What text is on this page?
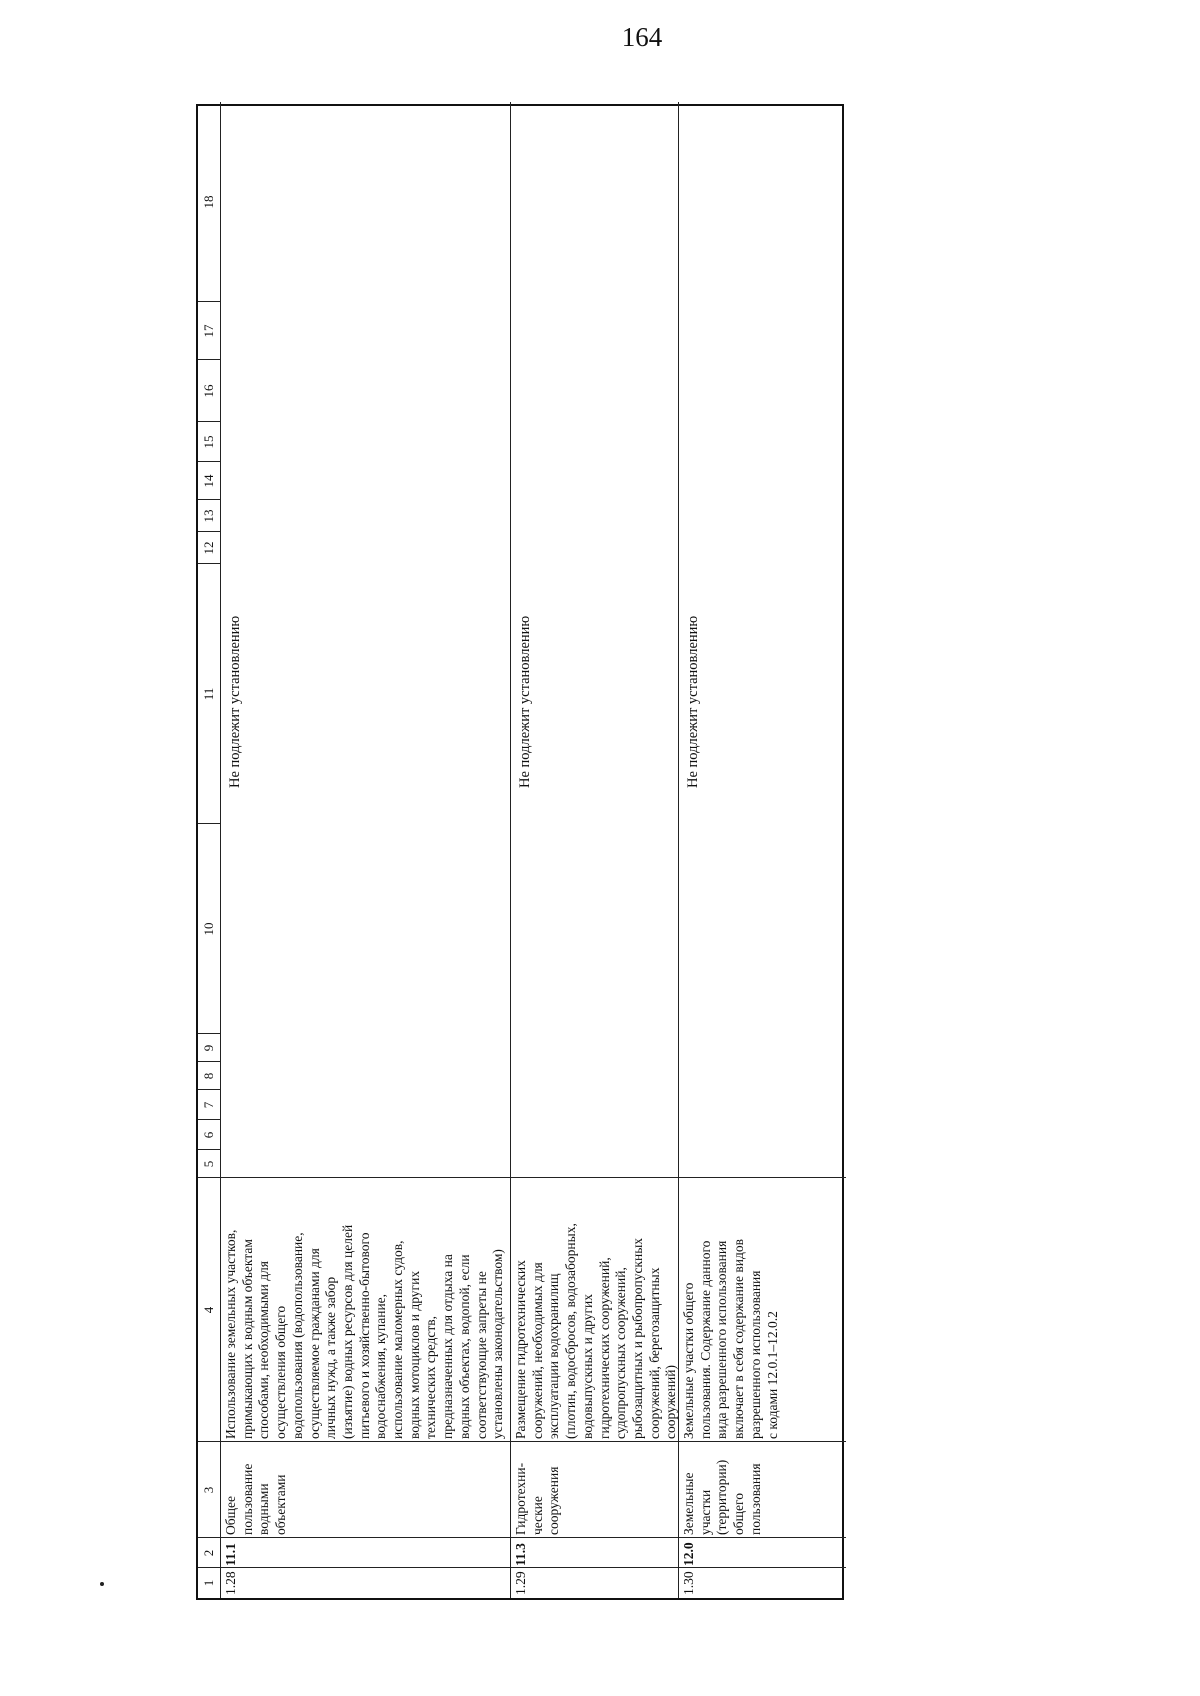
164
1
2
3
4
5
6
7
8
9
10
11
12
13
14
15
16
17
18
1.28
11.1
Общее
пользование
водными
объектами
Использование земельных участков,
примыкающих к водным объектам
способами, необходимыми для
осуществления общего
водопользования (водопользование,
осуществляемое гражданами для
личных нужд, а также забор
(изъятие) водных ресурсов для целей
питьевого и хозяйственно-бытового
водоснабжения, купание,
использование маломерных судов,
водных мотоциклов и других
технических средств,
предназначенных для отдыха на
водных объектах, водопой, если
соответствующие запреты не
установлены законодательством)
Не подлежит установлению
1.29
11.3
Гидротехни-
ческие
сооружения
Размещение гидротехнических
сооружений, необходимых для
эксплуатации водохранилищ
(плотин, водосбросов, водозаборных,
водовыпускных и других
гидротехнических сооружений,
судопропускных сооружений,
рыбозащитных и рыбопропускных
сооружений, берегозащитных
сооружений)
Не подлежит установлению
1.30
12.0
Земельные
участки
(территории)
общего
пользования
Земельные участки общего
пользования. Содержание данного
вида разрешенного использования
включает в себя содержание видов
разрешенного использования
с кодами 12.0.1–12.0.2
Не подлежит установлению
